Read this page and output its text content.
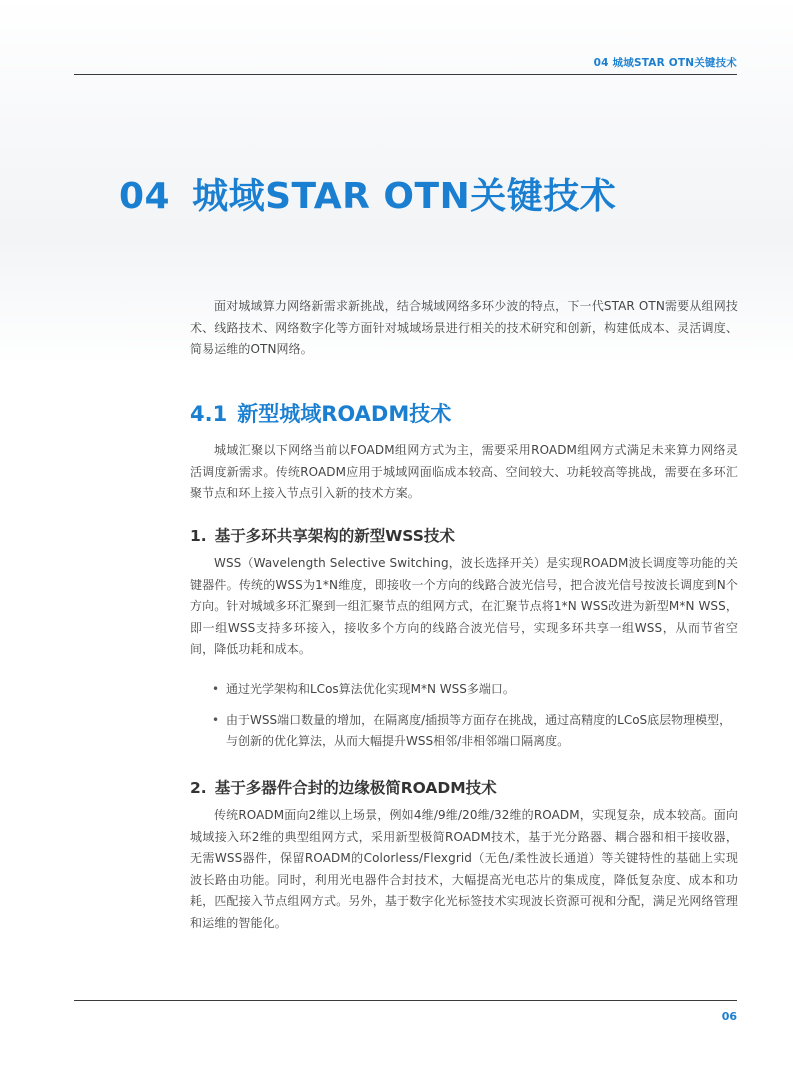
04 城域STAR OTN关键技术
04 城域STAR OTN关键技术

面对城域算力网络新需求新挑战，结合城域网络多环少波的特点，下一代STAR OTN需要从组网技术、线路技术、网络数字化等方面针对城域场景进行相关的技术研究和创新，构建低成本、灵活调度、简易运维的OTN网络。

4.1 新型城域ROADM技术

城域汇聚以下网络当前以FOADM组网方式为主，需要采用ROADM组网方式满足未来算力网络灵活调度新需求。传统ROADM应用于城域网面临成本较高、空间较大、功耗较高等挑战，需要在多环汇聚节点和环上接入节点引入新的技术方案。

1. 基于多环共享架构的新型WSS技术

WSS（Wavelength Selective Switching，波长选择开关）是实现ROADM波长调度等功能的关键器件。传统的WSS为1*N维度，即接收一个方向的线路合波光信号，把合波光信号按波长调度到N个方向。针对城域多环汇聚到一组汇聚节点的组网方式，在汇聚节点将1*N WSS改进为新型M*N WSS，即一组WSS支持多环接入，接收多个方向的线路合波光信号，实现多环共享一组WSS，从而节省空间，降低功耗和成本。

• 通过光学架构和LCos算法优化实现M*N WSS多端口。
• 由于WSS端口数量的增加，在隔离度/插损等方面存在挑战，通过高精度的LCoS底层物理模型，与创新的优化算法，从而大幅提升WSS相邻/非相邻端口隔离度。
2. 基于多器件合封的边缘极简ROADM技术

传统ROADM面向2维以上场景，例如4维/9维/20维/32维的ROADM，实现复杂，成本较高。面向城域接入环2维的典型组网方式，采用新型极简ROADM技术，基于光分路器、耦合器和相干接收器，无需WSS器件，保留ROADM的Colorless/Flexgrid（无色/柔性波长通道）等关键特性的基础上实现波长路由功能。同时，利用光电器件合封技术，大幅提高光电芯片的集成度，降低复杂度、成本和功耗，匹配接入节点组网方式。另外，基于数字化光标签技术实现波长资源可视和分配，满足光网络管理和运维的智能化。

06
